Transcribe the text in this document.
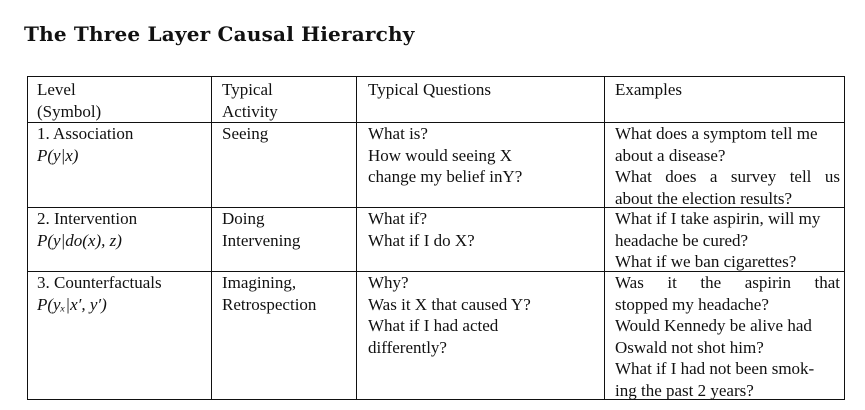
The Three Layer Causal Hierarchy
Level
(Symbol)
Typical
Activity
Typical Questions	Examples
1. Association
P(y|x)
Seeing	What is?
How would seeing X
change my belief inY?
What does a symptom tell me
about a disease?
What does a survey tell us
about the election results?
2. Intervention
P(y|do(x), z)
Doing
Intervening
What if?
What if I do X?
What if I take aspirin, will my
headache be cured?
What if we ban cigarettes?
3. Counterfactuals
P(yₓ|x′, y′)
Imagining,
Retrospection
Why?
Was it X that caused Y?
What if I had acted
differently?
Was it the aspirin that
stopped my headache?
Would Kennedy be alive had
Oswald not shot him?
What if I had not been smok-
ing the past 2 years?
